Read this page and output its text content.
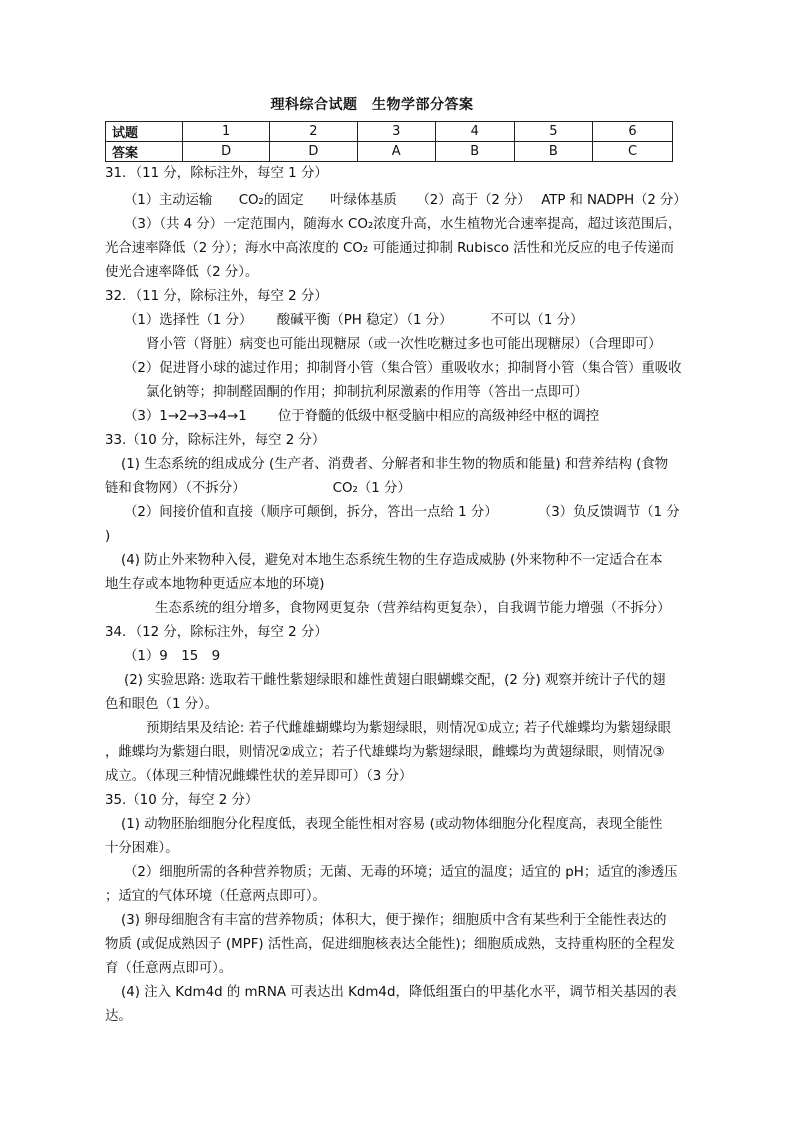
理科综合试题　生物学部分答案
试题	1	2	3	4	5	6
答案	D	D	A	B	B	C
31．（11 分，除标注外，每空 1 分）
（1）主动运输　　CO₂的固定　　叶绿体基质　　（2）高于（2 分）　 ATP 和 NADPH（2 分）
（3）（共 4 分）一定范围内，随海水 CO₂浓度升高，水生植物光合速率提高，超过该范围后，
光合速率降低（2 分）；海水中高浓度的 CO₂ 可能通过抑制 Rubisco 活性和光反应的电子传递而
使光合速率降低（2 分）。
32．（11 分，除标注外，每空 2 分）
（1）选择性（1 分）　　 酸碱平衡（PH 稳定）（1 分）　　　 不可以（1 分）
肾小管（肾脏）病变也可能出现糖尿（或一次性吃糖过多也可能出现糖尿）（合理即可）
（2）促进肾小球的滤过作用；抑制肾小管（集合管）重吸收水；抑制肾小管（集合管）重吸收
氯化钠等；抑制醛固酮的作用；抑制抗利尿激素的作用等（答出一点即可）
（3）1→2→3→4→1　　 位于脊髓的低级中枢受脑中相应的高级神经中枢的调控
33.（10 分，除标注外，每空 2 分）
(1) 生态系统的组成成分 (生产者、消费者、分解者和非生物的物质和能量) 和营养结构 (食物
链和食物网）（不拆分）　　　　　　　CO₂（1 分）
（2）间接价值和直接（顺序可颠倒，拆分，答出一点给 1 分）　　　　（3）负反馈调节（1 分
)
(4) 防止外来物种入侵，避免对本地生态系统生物的生存造成威胁 (外来物种不一定适合在本
地生存或本地物种更适应本地的环境)
生态系统的组分增多，食物网更复杂（营养结构更复杂），自我调节能力增强（不拆分）
34．（12 分，除标注外，每空 2 分）
（1）9　15　9
(2) 实验思路: 选取若干雌性紫翅绿眼和雄性黄翅白眼蝴蝶交配，(2 分) 观察并统计子代的翅
色和眼色（1 分）。
预期结果及结论: 若子代雌雄蝴蝶均为紫翅绿眼，则情况①成立; 若子代雄蝶均为紫翅绿眼
，雌蝶均为紫翅白眼，则情况②成立；若子代雄蝶均为紫翅绿眼，雌蝶均为黄翅绿眼，则情况③
成立。（体现三种情况雌蝶性状的差异即可）（3 分）
35.（10 分，每空 2 分）
(1) 动物胚胎细胞分化程度低，表现全能性相对容易 (或动物体细胞分化程度高，表现全能性
十分困难）。
（2）细胞所需的各种营养物质；无菌、无毒的环境；适宜的温度；适宜的 pH；适宜的渗透压
；适宜的气体环境（任意两点即可）。
(3) 卵母细胞含有丰富的营养物质；体积大，便于操作；细胞质中含有某些利于全能性表达的
物质 (或促成熟因子 (MPF) 活性高，促进细胞核表达全能性)；细胞质成熟，支持重构胚的全程发
育（任意两点即可）。
(4) 注入 Kdm4d 的 mRNA 可表达出 Kdm4d，降低组蛋白的甲基化水平，调节相关基因的表
达。
